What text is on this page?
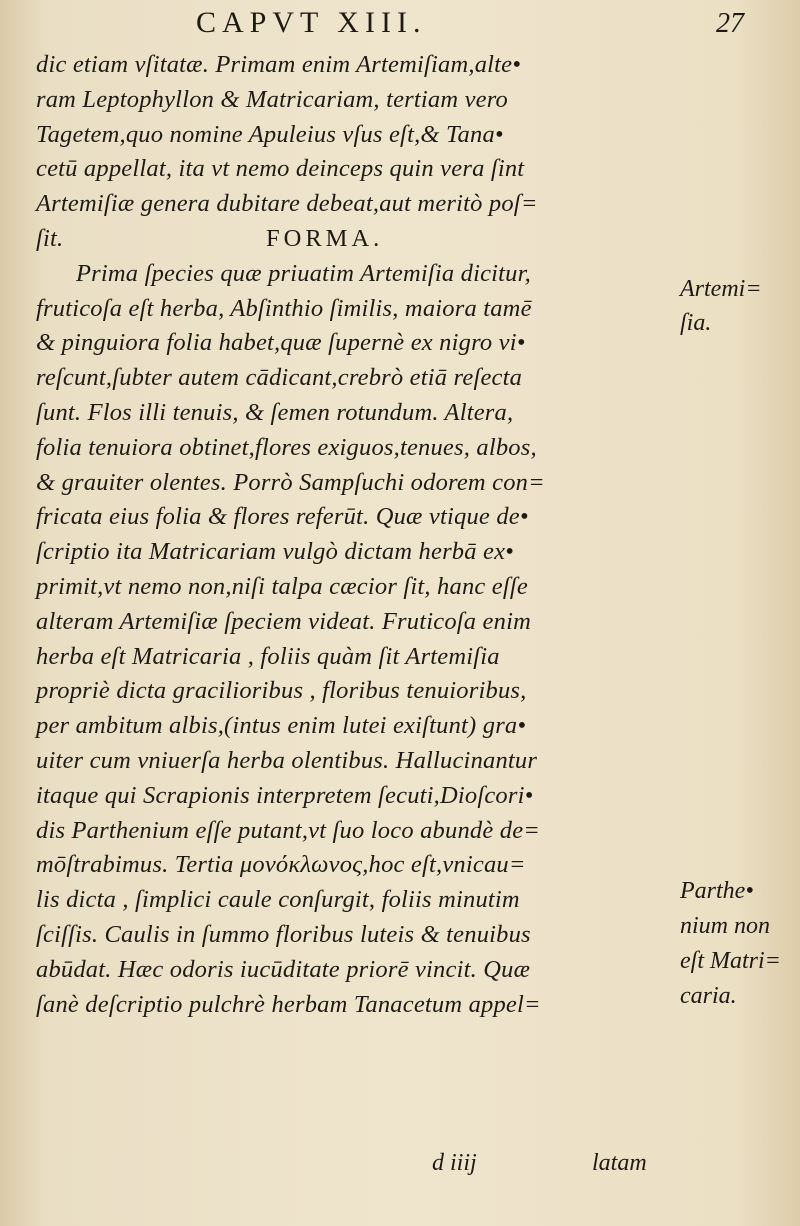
CAPVT XIII.	27
dic etiam vſitatæ. Primam enim Artemiſiam,alte•
ram Leptophyllon & Matricariam, tertiam vero
Tagetem,quo nomine Apuleius vſus eſt,& Tana•
cetū appellat, ita vt nemo deinceps quin vera ſint
Artemiſiæ genera dubitare debeat,aut meritò poſ=
ſit.	FORMA.
Prima ſpecies quæ priuatim Artemiſia dicitur,
fruticoſa eſt herba, Abſinthio ſimilis, maiora tamē
& pinguiora folia habet,quæ ſupernè ex nigro vi•
reſcunt,ſubter autem cādicant,crebrò etiā reſecta
ſunt. Flos illi tenuis, & ſemen rotundum. Altera,
folia tenuiora obtinet,flores exiguos,tenues, albos,
& grauiter olentes. Porrò Sampſuchi odorem con=
fricata eius folia & flores referūt. Quæ vtique de•
ſcriptio ita Matricariam vulgò dictam herbā ex•
primit,vt nemo non,niſi talpa cæcior ſit, hanc eſſe
alteram Artemiſiæ ſpeciem videat. Fruticoſa enim
herba eſt Matricaria , foliis quàm ſit Artemiſia
propriè dicta gracilioribus , floribus tenuioribus,
per ambitum albis,(intus enim lutei exiſtunt) gra•
uiter cum vniuerſa herba olentibus. Hallucinantur
itaque qui Scrapionis interpretem ſecuti,Dioſcori•
dis Parthenium eſſe putant,vt ſuo loco abundè de=
mōſtrabimus. Tertia μονόκλωνος,hoc eſt,vnicau=
lis dicta , ſimplici caule conſurgit, foliis minutim
ſciſſis. Caulis in ſummo floribus luteis & tenuibus
abūdat. Hæc odoris iucūditate priorē vincit. Quæ
ſanè deſcriptio pulchrè herbam Tanacetum appel=
Artemi=
ſia.
Parthe•
nium non
eſt Matri=
caria.
d iiij	latam
